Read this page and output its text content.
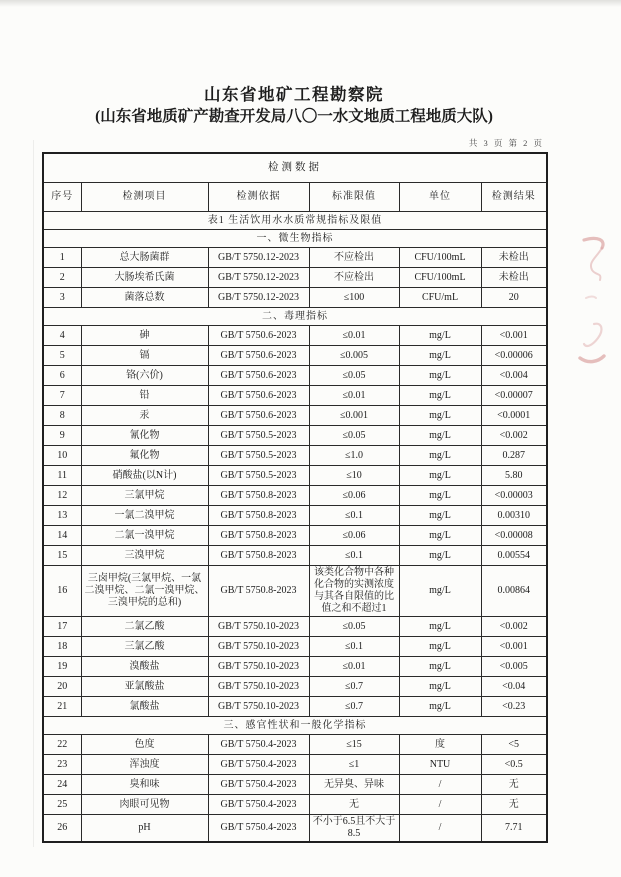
山东省地矿工程勘察院
(山东省地质矿产勘查开发局八〇一水文地质工程地质大队)
共 3 页 第 2 页
检测数据					
序号	检测项目	检测依据	标准限值	单位	检测结果
表1 生活饮用水水质常规指标及限值					
一、微生物指标					
1	总大肠菌群	GB/T 5750.12-2023	不应检出	CFU/100mL	未检出
2	大肠埃希氏菌	GB/T 5750.12-2023	不应检出	CFU/100mL	未检出
3	菌落总数	GB/T 5750.12-2023	≤100	CFU/mL	20
二、毒理指标					
4	砷	GB/T 5750.6-2023	≤0.01	mg/L	<0.001
5	镉	GB/T 5750.6-2023	≤0.005	mg/L	<0.00006
6	铬(六价)	GB/T 5750.6-2023	≤0.05	mg/L	<0.004
7	铅	GB/T 5750.6-2023	≤0.01	mg/L	<0.00007
8	汞	GB/T 5750.6-2023	≤0.001	mg/L	<0.0001
9	氰化物	GB/T 5750.5-2023	≤0.05	mg/L	<0.002
10	氟化物	GB/T 5750.5-2023	≤1.0	mg/L	0.287
11	硝酸盐(以N计)	GB/T 5750.5-2023	≤10	mg/L	5.80
12	三氯甲烷	GB/T 5750.8-2023	≤0.06	mg/L	<0.00003
13	一氯二溴甲烷	GB/T 5750.8-2023	≤0.1	mg/L	0.00310
14	二氯一溴甲烷	GB/T 5750.8-2023	≤0.06	mg/L	<0.00008
15	三溴甲烷	GB/T 5750.8-2023	≤0.1	mg/L	0.00554
16	三卤甲烷(三氯甲烷、一氯二溴甲烷、二氯一溴甲烷、三溴甲烷的总和)	GB/T 5750.8-2023	该类化合物中各种化合物的实测浓度与其各自限值的比值之和不超过1	mg/L	0.00864
17	二氯乙酸	GB/T 5750.10-2023	≤0.05	mg/L	<0.002
18	三氯乙酸	GB/T 5750.10-2023	≤0.1	mg/L	<0.001
19	溴酸盐	GB/T 5750.10-2023	≤0.01	mg/L	<0.005
20	亚氯酸盐	GB/T 5750.10-2023	≤0.7	mg/L	<0.04
21	氯酸盐	GB/T 5750.10-2023	≤0.7	mg/L	<0.23
三、感官性状和一般化学指标					
22	色度	GB/T 5750.4-2023	≤15	度	<5
23	浑浊度	GB/T 5750.4-2023	≤1	NTU	<0.5
24	臭和味	GB/T 5750.4-2023	无异臭、异味	/	无
25	肉眼可见物	GB/T 5750.4-2023	无	/	无
26	pH	GB/T 5750.4-2023	不小于6.5且不大于8.5	/	7.71
